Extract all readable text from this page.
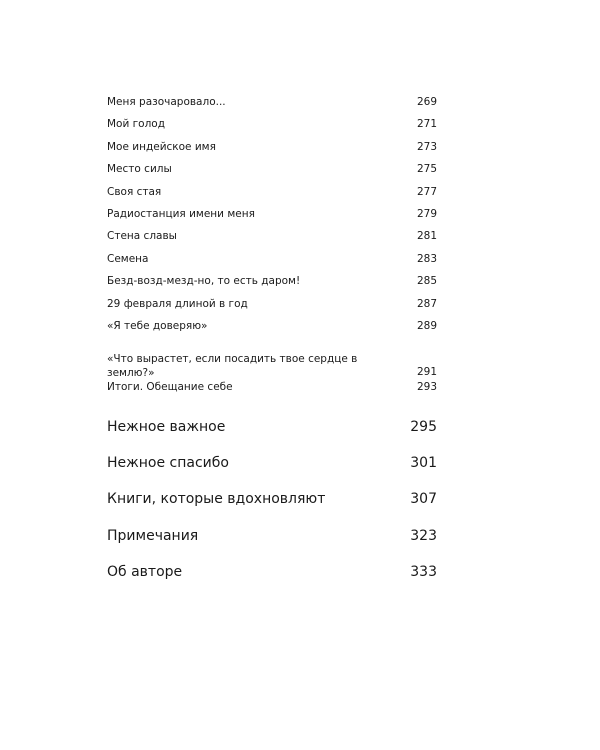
Меня разочаровало...	269
Мой голод	271
Мое индейское имя	273
Место силы	275
Своя стая	277
Радиостанция имени меня	279
Стена славы	281
Семена	283
Безд-возд-мезд-но, то есть даром!	285
29 февраля длиной в год	287
«Я тебе доверяю»	289
«Что вырастет, если посадить твое сердце в землю?»	291
Итоги. Обещание себе	293
Нежное важное	295
Нежное спасибо	301
Книги, которые вдохновляют	307
Примечания	323
Об авторе	333
